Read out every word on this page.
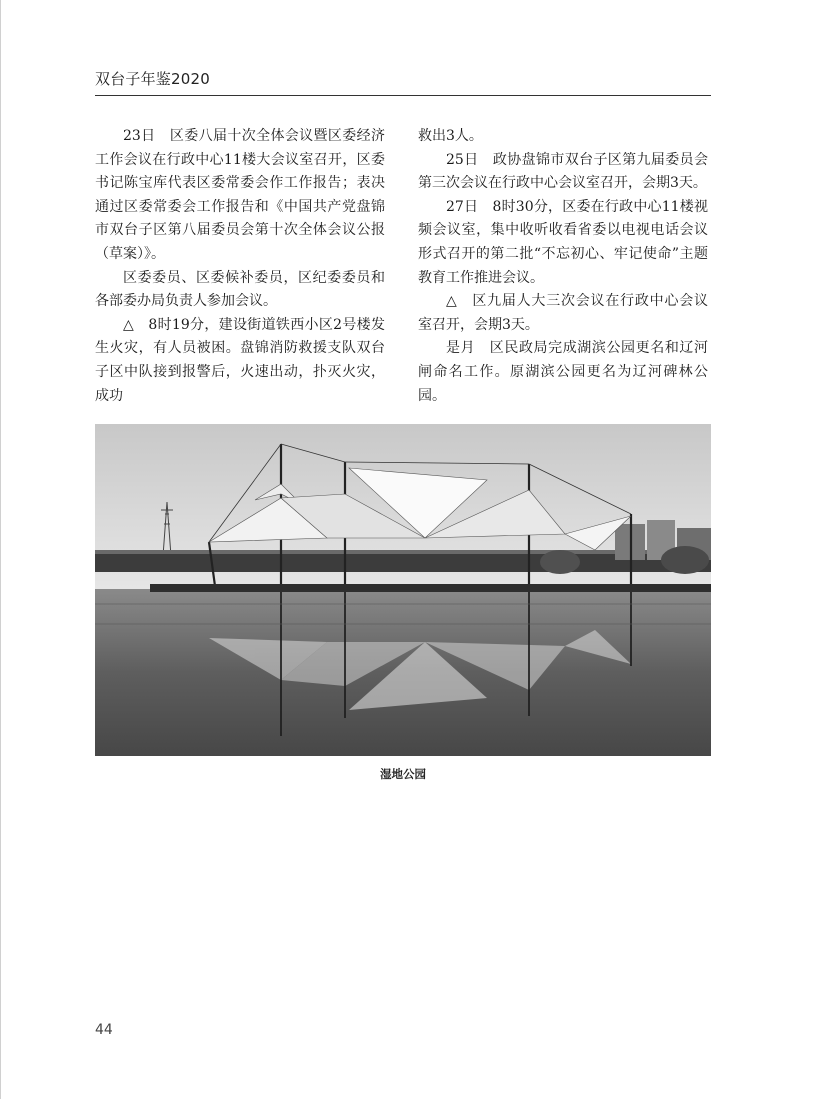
双台子年鉴2020

23日　区委八届十次全体会议暨区委经济工作会议在行政中心11楼大会议室召开，区委书记陈宝库代表区委常委会作工作报告；表决通过区委常委会工作报告和《中国共产党盘锦市双台子区第八届委员会第十次全体会议公报（草案）》。

区委委员、区委候补委员，区纪委委员和各部委办局负责人参加会议。

△　8时19分，建设街道铁西小区2号楼发生火灾，有人员被困。盘锦消防救援支队双台子区中队接到报警后，火速出动，扑灭火灾，成功

救出3人。

25日　政协盘锦市双台子区第九届委员会第三次会议在行政中心会议室召开，会期3天。

27日　8时30分，区委在行政中心11楼视频会议室，集中收听收看省委以电视电话会议形式召开的第二批“不忘初心、牢记使命”主题教育工作推进会议。

△　区九届人大三次会议在行政中心会议室召开，会期3天。

是月　区民政局完成湖滨公园更名和辽河闸命名工作。原湖滨公园更名为辽河碑林公园。

湿地公园
44
